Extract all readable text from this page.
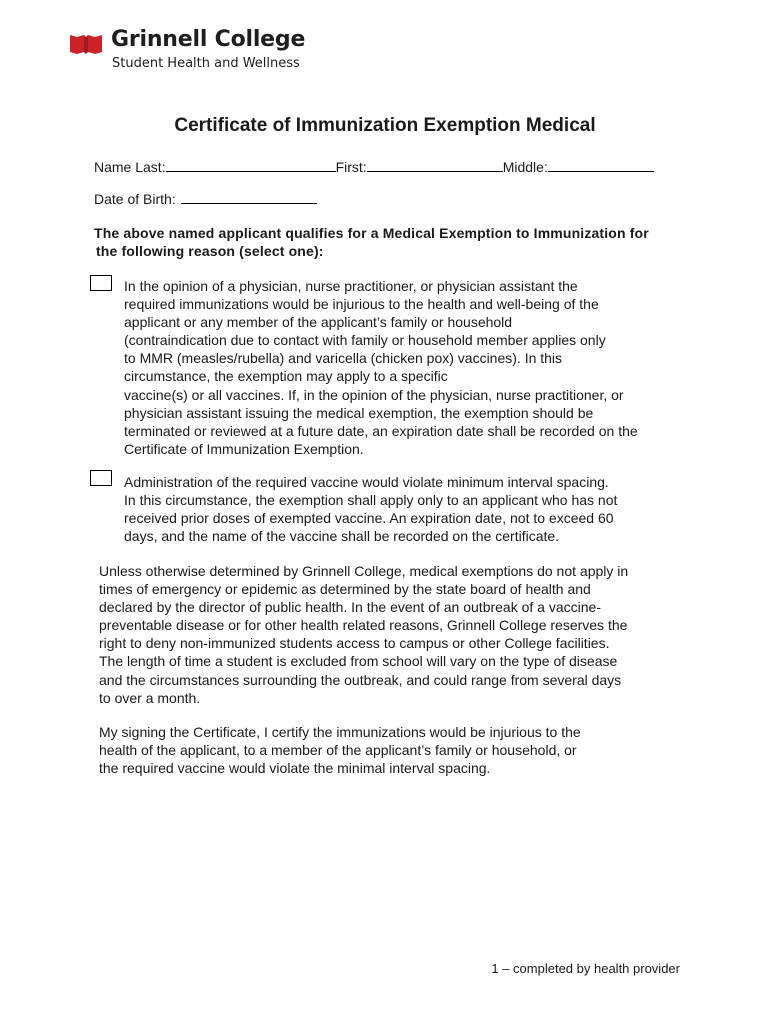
Grinnell College
Student Health and Wellness
Certificate of Immunization Exemption Medical
Name Last:	First:	Middle:
Date of Birth:
The above named applicant qualifies for a Medical Exemption to Immunization for
the following reason (select one):
In the opinion of a physician, nurse practitioner, or physician assistant the
required immunizations would be injurious to the health and well-being of the
applicant or any member of the applicant’s family or household
(contraindication due to contact with family or household member applies only
to MMR (measles/rubella) and varicella (chicken pox) vaccines). In this
circumstance, the exemption may apply to a specific
vaccine(s) or all vaccines. If, in the opinion of the physician, nurse practitioner, or
physician assistant issuing the medical exemption, the exemption should be
terminated or reviewed at a future date, an expiration date shall be recorded on the
Certificate of Immunization Exemption.
Administration of the required vaccine would violate minimum interval spacing.
In this circumstance, the exemption shall apply only to an applicant who has not
received prior doses of exempted vaccine. An expiration date, not to exceed 60
days, and the name of the vaccine shall be recorded on the certificate.
Unless otherwise determined by Grinnell College, medical exemptions do not apply in
times of emergency or epidemic as determined by the state board of health and
declared by the director of public health. In the event of an outbreak of a vaccine-
preventable disease or for other health related reasons, Grinnell College reserves the
right to deny non-immunized students access to campus or other College facilities.
The length of time a student is excluded from school will vary on the type of disease
and the circumstances surrounding the outbreak, and could range from several days
to over a month.
My signing the Certificate, I certify the immunizations would be injurious to the
health of the applicant, to a member of the applicant’s family or household, or
the required vaccine would violate the minimal interval spacing.
1 – completed by health provider
